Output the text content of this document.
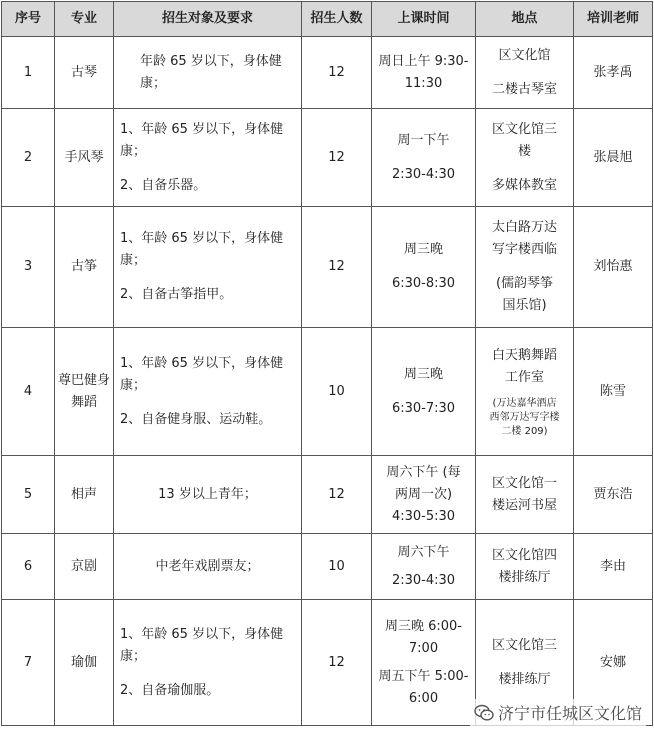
序号	专业	招生对象及要求	招生人数	上课时间	地点	培训老师
1	古琴	年龄 65 岁以下，身体健康；	12	周日上午 9:30-
11:30	区文化馆
二楼古琴室	张孝禹
2	手风琴	1、年龄 65 岁以下，身体健康；
2、自备乐器。	12	周一下午
2:30-4:30	区文化馆三
楼
多媒体教室	张晨旭
3	古筝	1、年龄 65 岁以下，身体健康；
2、自备古筝指甲。	12	周三晚
6:30-8:30	太白路万达
写字楼西临
(儒韵琴筝
国乐馆)	刘怡惠
4	尊巴健身舞蹈	1、年龄 65 岁以下，身体健康；
2、自备健身服、运动鞋。	10	周三晚
6:30-7:30	白天鹅舞蹈
工作室
(万达嘉华酒店
西邻万达写字楼
二楼 209)	陈雪
5	相声	13 岁以上青年；	12	周六下午 (每
两周一次)
4:30-5:30	区文化馆一
楼运河书屋	贾东浩
6	京剧	中老年戏剧票友；	10	周六下午
2:30-4:30	区文化馆四
楼排练厅	李由
7	瑜伽	1、年龄 65 岁以下，身体健康；
2、自备瑜伽服。	12	周三晚 6:00-
7:00
周五下午 5:00-
6:00	区文化馆三
楼排练厅	安娜
济宁市任城区文化馆
